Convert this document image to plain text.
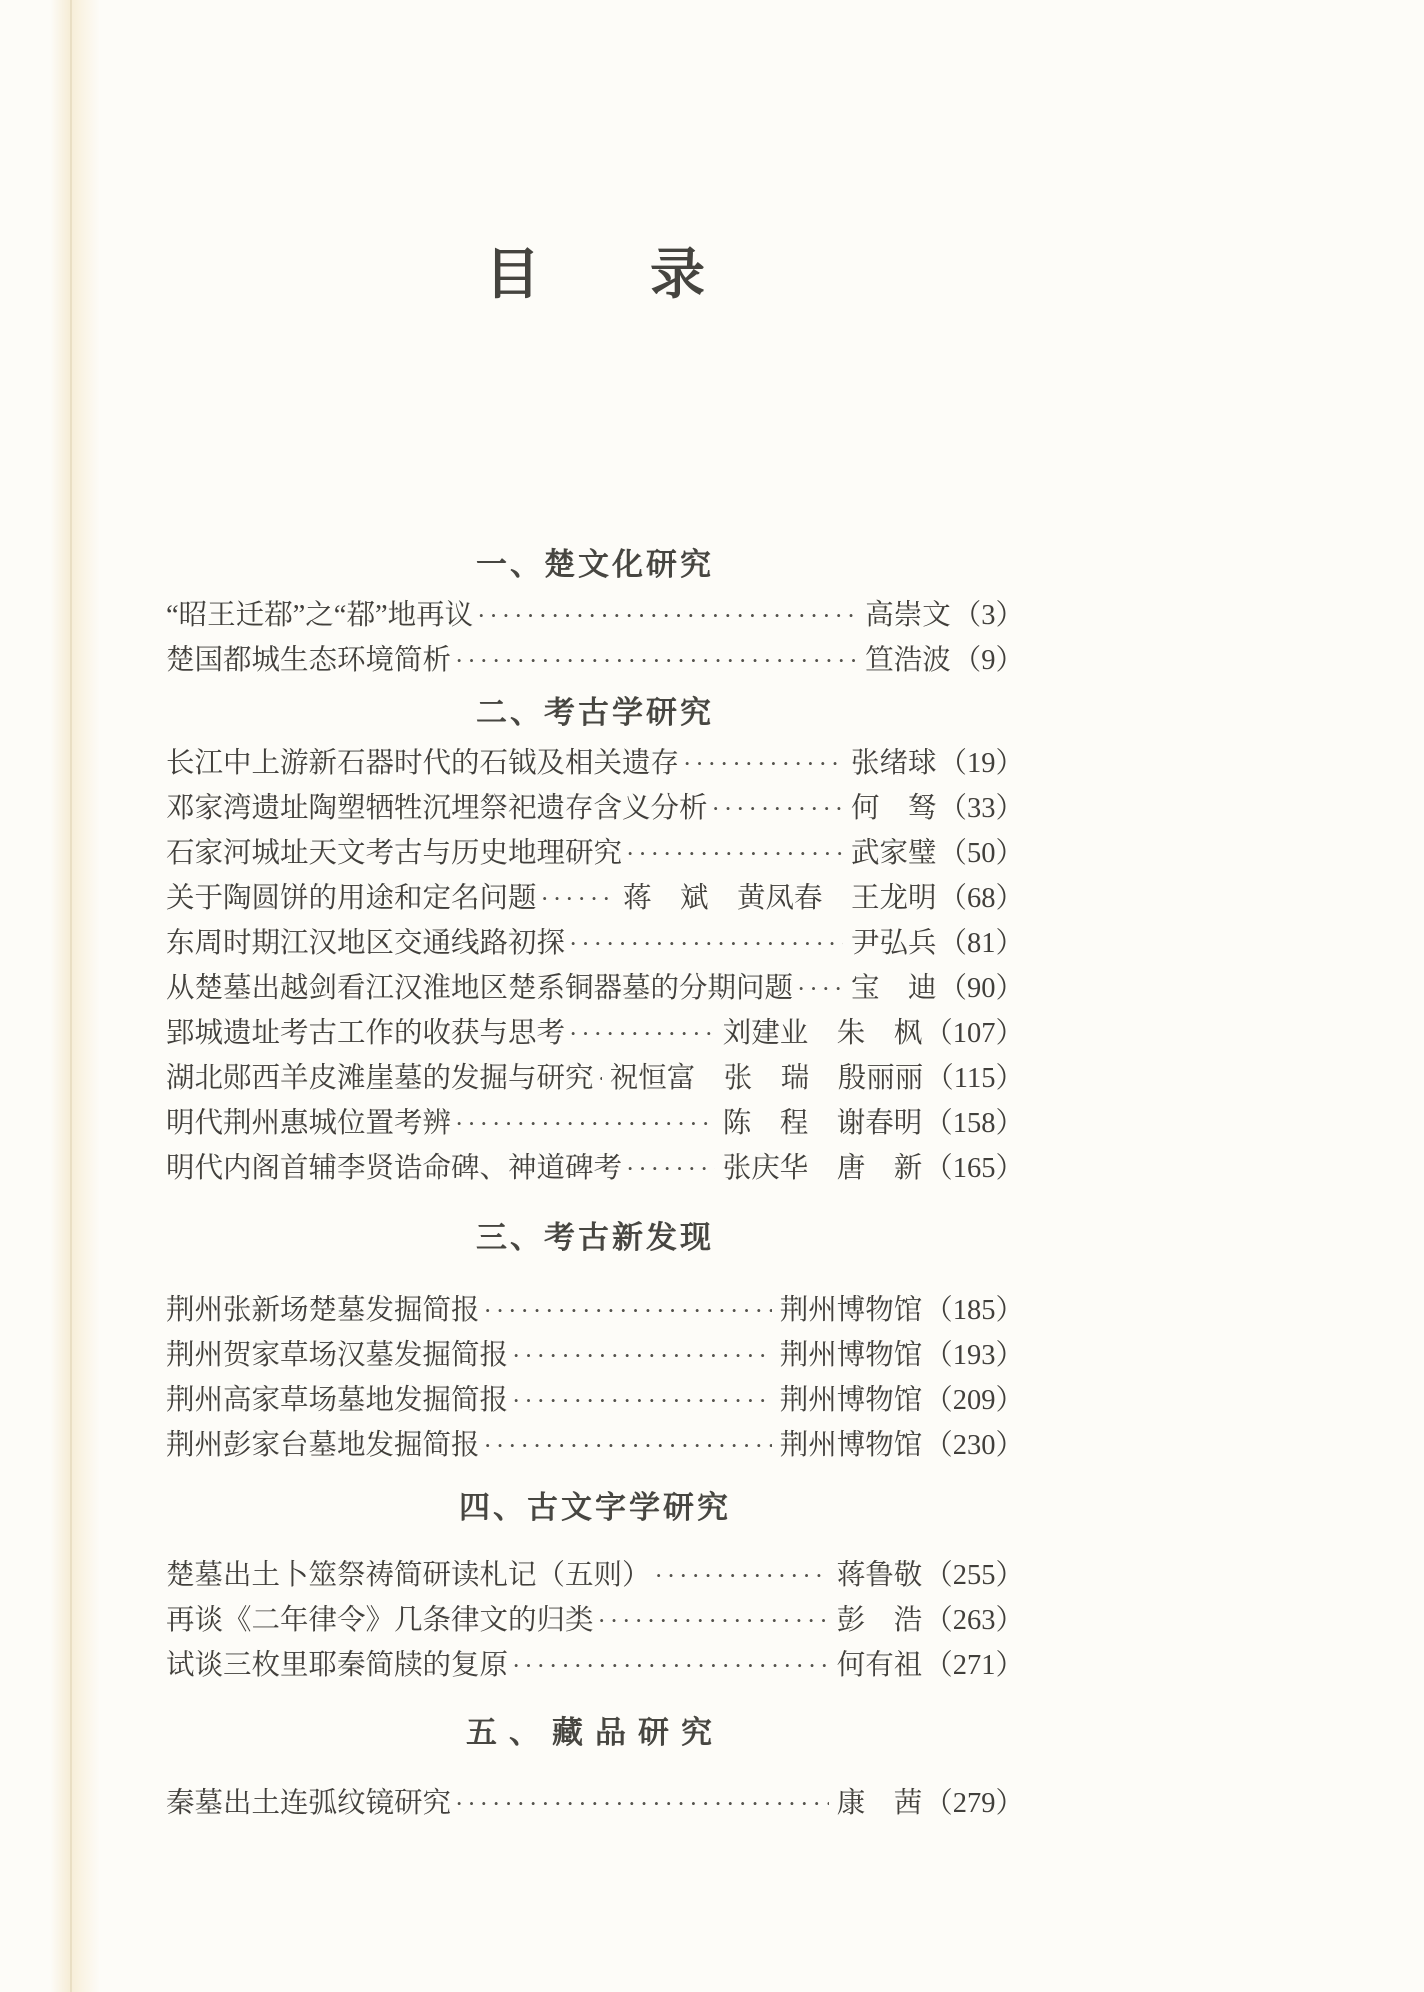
目　　录
一、楚文化研究
“昭王迁鄀”之“鄀”地再议 ·····	高崇文 （3）
楚国都城生态环境简析 ·····	笪浩波 （9）
二、考古学研究
长江中上游新石器时代的石钺及相关遗存 ·····	张绪球 （19）
邓家湾遗址陶塑牺牲沉埋祭祀遗存含义分析 ·····	何　驽 （33）
石家河城址天文考古与历史地理研究 ·····	武家璧 （50）
关于陶圆饼的用途和定名问题 ·····	蒋　斌　黄凤春　王龙明 （68）
东周时期江汉地区交通线路初探 ·····	尹弘兵 （81）
从楚墓出越剑看江汉淮地区楚系铜器墓的分期问题 ····· 宝　迪 （90）
郢城遗址考古工作的收获与思考 ·····	刘建业　朱　枫 （107）
湖北郧西羊皮滩崖墓的发掘与研究 ····· 祝恒富　张　瑞　殷丽丽 （115）
明代荆州惠城位置考辨 ·····	陈　程　谢春明 （158）
明代内阁首辅李贤诰命碑、神道碑考 ·····	张庆华　唐　新 （165）
三、考古新发现
荆州张新场楚墓发掘简报 ·····	荆州博物馆 （185）
荆州贺家草场汉墓发掘简报 ·····	荆州博物馆 （193）
荆州高家草场墓地发掘简报 ·····	荆州博物馆 （209）
荆州彭家台墓地发掘简报 ·····	荆州博物馆 （230）
四、古文字学研究
楚墓出土卜筮祭祷简研读札记（五则） ·····	蒋鲁敬 （255）
再谈《二年律令》几条律文的归类 ·····	彭　浩 （263）
试谈三枚里耶秦简牍的复原 ·····	何有祖 （271）
五、藏品研究
秦墓出土连弧纹镜研究 ·····	康　茜 （279）
